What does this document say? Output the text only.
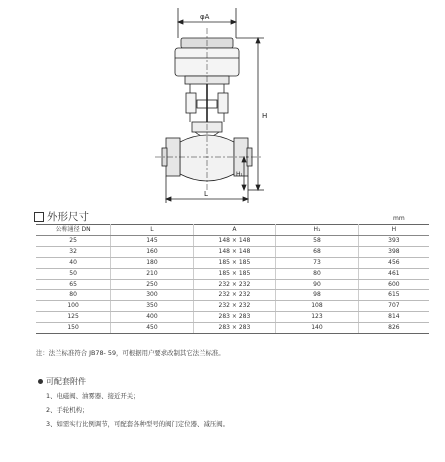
φA
H
H₁
L
外形尺寸	mm
公称通径 DN	L	A	H₁	H
25	145	148 × 148	58	393
32	160	148 × 148	68	398
40	180	185 × 185	73	456
50	210	185 × 185	80	461
65	250	232 × 232	90	600
80	300	232 × 232	98	615
100	350	232 × 232	108	707
125	400	283 × 283	123	814
150	450	283 × 283	140	826
注：法兰标准符合 JB78- 59，可根据用户要求改制其它法兰标准。
可配套附件
1、电磁阀、油雾器、接近开关；
2、手轮机构；
3、如需实行比例调节，可配套各种型号的阀门定位器、减压阀。
